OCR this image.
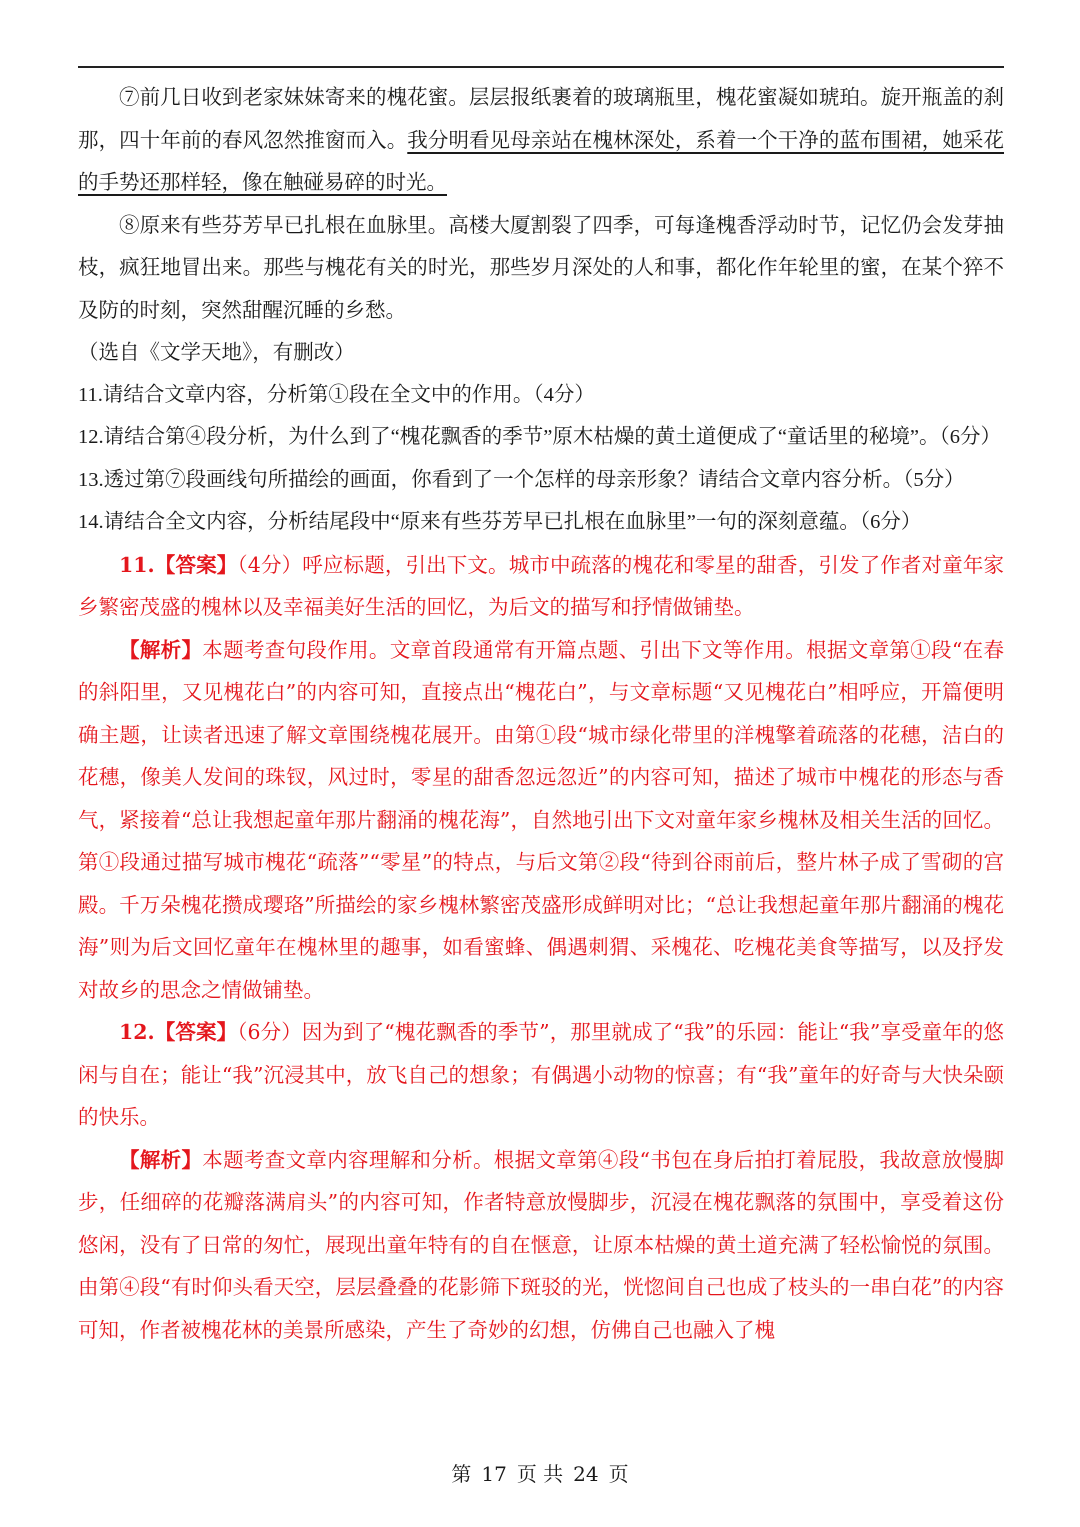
⑦前几日收到老家妹妹寄来的槐花蜜。层层报纸裹着的玻璃瓶里，槐花蜜凝如琥珀。旋开瓶盖的刹那，四十年前的春风忽然推窗而入。我分明看见母亲站在槐林深处，系着一个干净的蓝布围裙，她采花的手势还那样轻，像在触碰易碎的时光。

⑧原来有些芬芳早已扎根在血脉里。高楼大厦割裂了四季，可每逢槐香浮动时节，记忆仍会发芽抽枝，疯狂地冒出来。那些与槐花有关的时光，那些岁月深处的人和事，都化作年轮里的蜜，在某个猝不及防的时刻，突然甜醒沉睡的乡愁。

（选自《文学天地》，有删改）

11.请结合文章内容，分析第①段在全文中的作用。（4分）

12.请结合第④段分析，为什么到了“槐花飘香的季节”原木枯燥的黄土道便成了“童话里的秘境”。（6分）

13.透过第⑦段画线句所描绘的画面，你看到了一个怎样的母亲形象？请结合文章内容分析。（5分）

14.请结合全文内容，分析结尾段中“原来有些芬芳早已扎根在血脉里”一句的深刻意蕴。（6分）

11.【答案】（4分）呼应标题，引出下文。城市中疏落的槐花和零星的甜香，引发了作者对童年家乡繁密茂盛的槐林以及幸福美好生活的回忆，为后文的描写和抒情做铺垫。

【解析】本题考查句段作用。文章首段通常有开篇点题、引出下文等作用。根据文章第①段“在春的斜阳里，又见槐花白”的内容可知，直接点出“槐花白”，与文章标题“又见槐花白”相呼应，开篇便明确主题，让读者迅速了解文章围绕槐花展开。由第①段“城市绿化带里的洋槐擎着疏落的花穗，洁白的花穗，像美人发间的珠钗，风过时，零星的甜香忽远忽近”的内容可知，描述了城市中槐花的形态与香气，紧接着“总让我想起童年那片翻涌的槐花海”，自然地引出下文对童年家乡槐林及相关生活的回忆。第①段通过描写城市槐花“疏落”“零星”的特点，与后文第②段“待到谷雨前后，整片林子成了雪砌的宫殿。千万朵槐花攒成璎珞”所描绘的家乡槐林繁密茂盛形成鲜明对比；“总让我想起童年那片翻涌的槐花海”则为后文回忆童年在槐林里的趣事，如看蜜蜂、偶遇刺猬、采槐花、吃槐花美食等描写，以及抒发对故乡的思念之情做铺垫。

12.【答案】（6分）因为到了“槐花飘香的季节”，那里就成了“我”的乐园：能让“我”享受童年的悠闲与自在；能让“我”沉浸其中，放飞自己的想象；有偶遇小动物的惊喜；有“我”童年的好奇与大快朵颐的快乐。

【解析】本题考查文章内容理解和分析。根据文章第④段“书包在身后拍打着屁股，我故意放慢脚步，任细碎的花瓣落满肩头”的内容可知，作者特意放慢脚步，沉浸在槐花飘落的氛围中，享受着这份悠闲，没有了日常的匆忙，展现出童年特有的自在惬意，让原本枯燥的黄土道充满了轻松愉悦的氛围。由第④段“有时仰头看天空，层层叠叠的花影筛下斑驳的光，恍惚间自己也成了枝头的一串白花”的内容可知，作者被槐花林的美景所感染，产生了奇妙的幻想，仿佛自己也融入了槐

第 17 页 共 24 页
